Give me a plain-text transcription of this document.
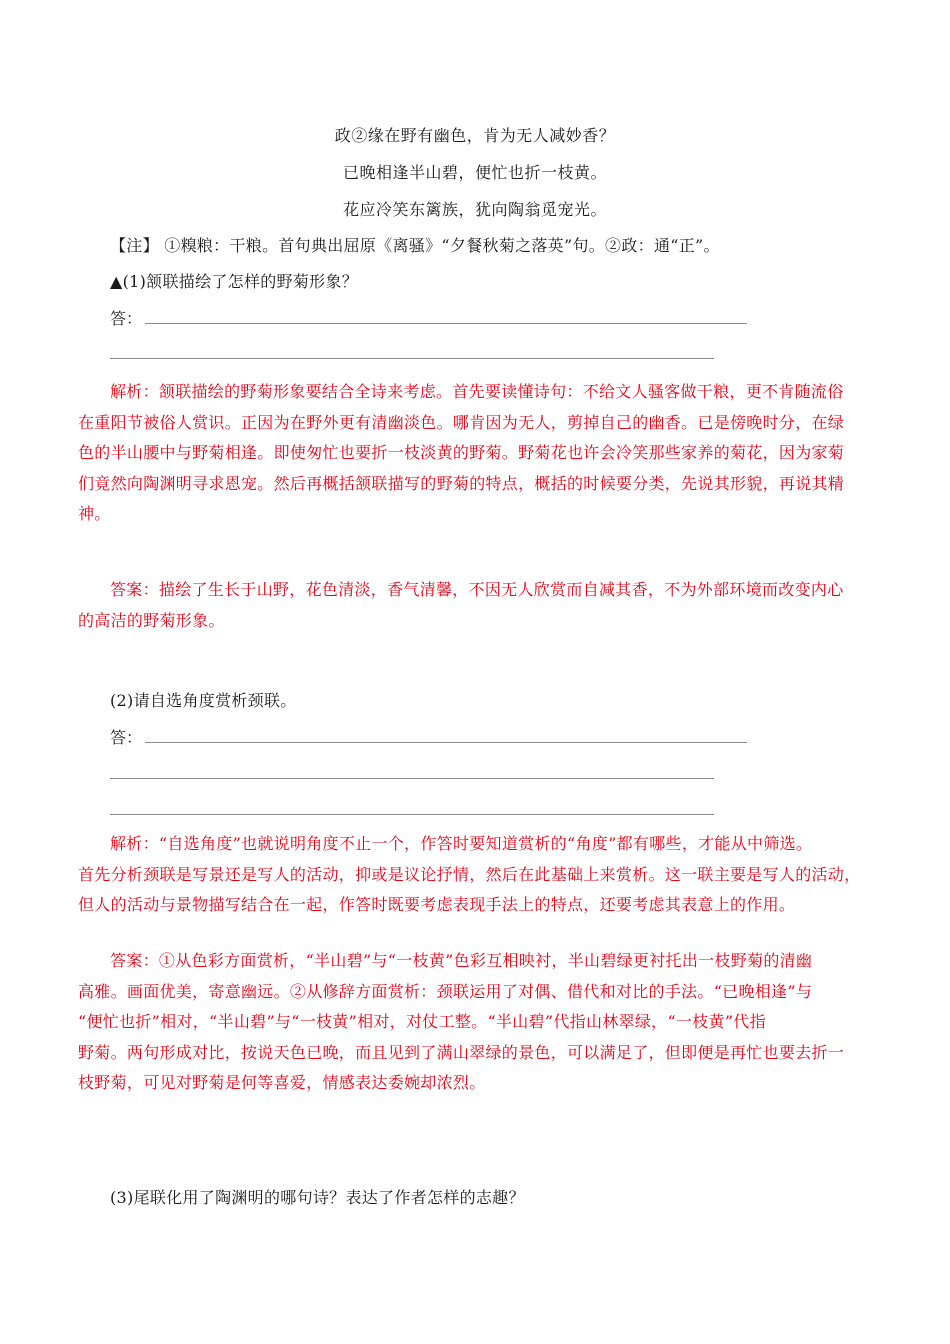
政②缘在野有幽色，肯为无人减妙香？
已晚相逢半山碧，便忙也折一枝黄。
花应冷笑东篱族，犹向陶翁觅宠光。
【注】 ①糗粮：干粮。首句典出屈原《离骚》“夕餐秋菊之落英”句。②政：通“正”。
▲(1)颔联描绘了怎样的野菊形象？
答：
解析：颔联描绘的野菊形象要结合全诗来考虑。首先要读懂诗句：不给文人骚客做干粮，更不肯随流俗
在重阳节被俗人赏识。正因为在野外更有清幽淡色。哪肯因为无人，剪掉自己的幽香。已是傍晚时分，在绿
色的半山腰中与野菊相逢。即使匆忙也要折一枝淡黄的野菊。野菊花也许会冷笑那些家养的菊花，因为家菊
们竟然向陶渊明寻求恩宠。然后再概括颔联描写的野菊的特点，概括的时候要分类，先说其形貌，再说其精
神。
答案：描绘了生长于山野，花色清淡，香气清馨，不因无人欣赏而自减其香，不为外部环境而改变内心
的高洁的野菊形象。
(2)请自选角度赏析颈联。
答：
解析：“自选角度”也就说明角度不止一个，作答时要知道赏析的“角度”都有哪些，才能从中筛选。
首先分析颈联是写景还是写人的活动，抑或是议论抒情，然后在此基础上来赏析。这一联主要是写人的活动，
但人的活动与景物描写结合在一起，作答时既要考虑表现手法上的特点，还要考虑其表意上的作用。
答案：①从色彩方面赏析，“半山碧”与“一枝黄”色彩互相映衬，半山碧绿更衬托出一枝野菊的清幽
高雅。画面优美，寄意幽远。②从修辞方面赏析：颈联运用了对偶、借代和对比的手法。“已晚相逢”与
“便忙也折”相对，“半山碧”与“一枝黄”相对，对仗工整。“半山碧”代指山林翠绿，“一枝黄”代指
野菊。两句形成对比，按说天色已晚，而且见到了满山翠绿的景色，可以满足了，但即便是再忙也要去折一
枝野菊，可见对野菊是何等喜爱，情感表达委婉却浓烈。
(3)尾联化用了陶渊明的哪句诗？表达了作者怎样的志趣？
